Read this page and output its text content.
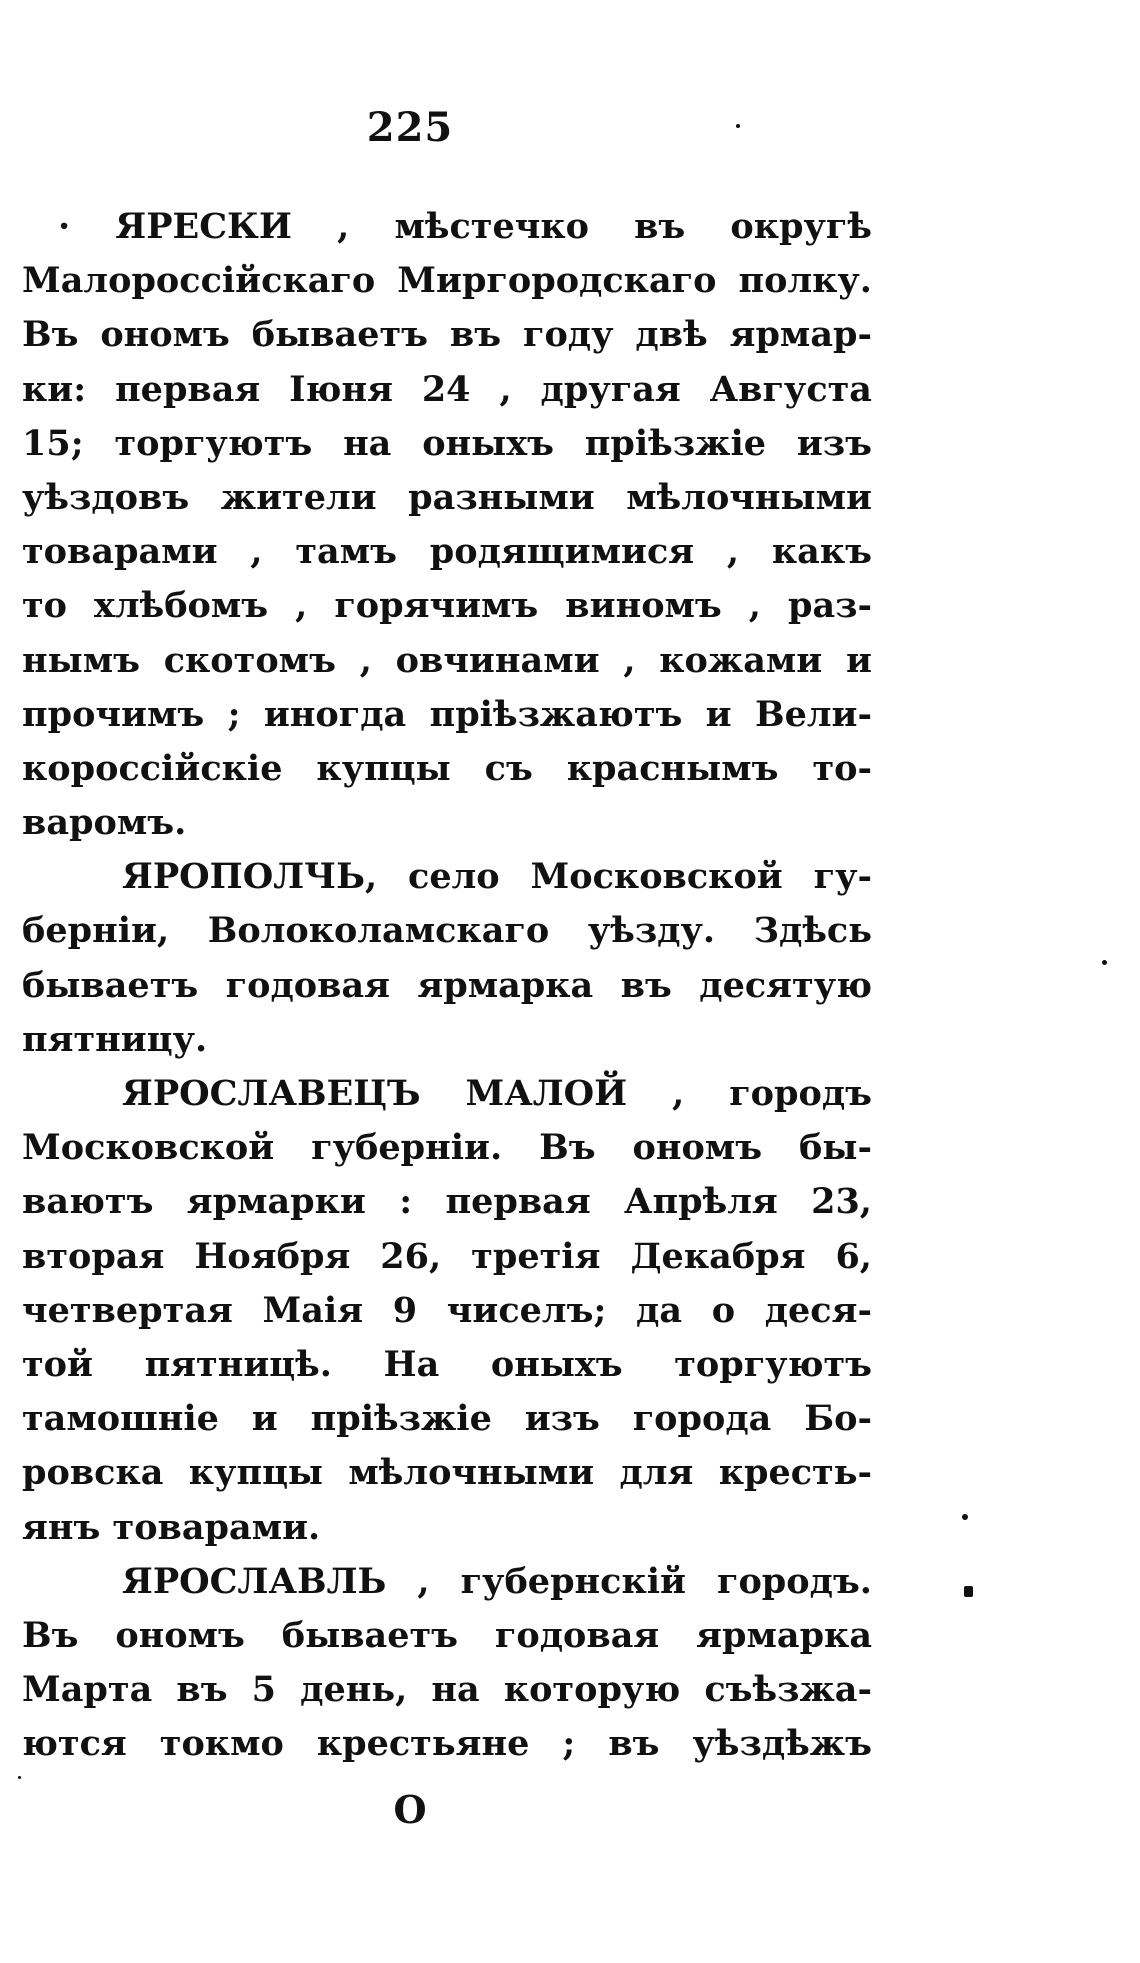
225
· ЯРЕСКИ , мѣстечко въ округѣ
Малороссійскаго Миргородскаго полку.
Въ ономъ бываетъ въ году двѣ ярмар-
ки: первая Іюня 24 , другая Августа
15; торгуютъ на оныхъ пріѣзжіе изъ
уѣздовъ жители разными мѣлочными
товарами , тамъ родящимися , какъ
то хлѣбомъ , горячимъ виномъ , раз-
нымъ скотомъ , овчинами , кожами и
прочимъ ; иногда пріѣзжаютъ и Вели-
короссійскіе купцы съ краснымъ то-
варомъ.
ЯРОПОЛЧЬ, село Московской гу-
берніи, Волоколамскаго уѣзду. Здѣсь
бываетъ годовая ярмарка въ десятую
пятницу.
ЯРОСЛАВЕЦЪ МАЛОЙ , городъ
Московской губерніи. Въ ономъ бы-
ваютъ ярмарки : первая Апрѣля 23,
вторая Ноября 26, третія Декабря 6,
четвертая Маія 9 чиселъ; да о деся-
той пятницѣ. На оныхъ торгуютъ
тамошніе и пріѣзжіе изъ города Бо-
ровска купцы мѣлочными для кресть-
янъ товарами.
ЯРОСЛАВЛЬ , губернскій городъ.
Въ ономъ бываетъ годовая ярмарка
Марта въ 5 день, на которую съѣзжа-
ются токмо крестьяне ; въ уѣздѣжъ
O
